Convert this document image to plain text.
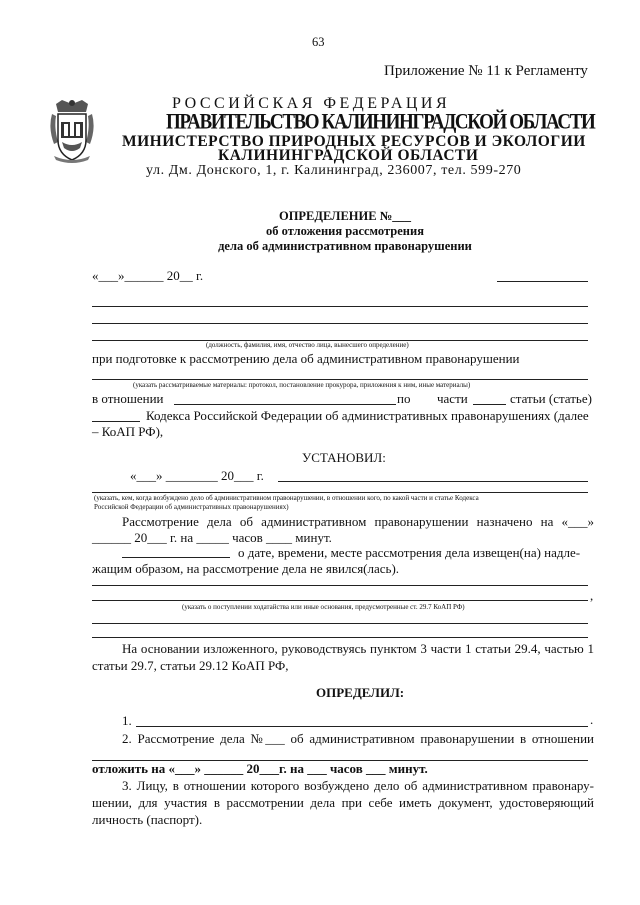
63
Приложение № 11 к Регламенту
РОССИЙСКАЯ ФЕДЕРАЦИЯ
ПРАВИТЕЛЬСТВО КАЛИНИНГРАДСКОЙ ОБЛАСТИ
МИНИСТЕРСТВО ПРИРОДНЫХ РЕСУРСОВ И ЭКОЛОГИИ
КАЛИНИНГРАДСКОЙ ОБЛАСТИ
ул. Дм. Донского, 1, г. Калининград, 236007, тел. 599-270
ОПРЕДЕЛЕНИЕ №___
об отложения рассмотрения
дела об административном правонарушении
«___»______ 20__ г.
(должность, фамилия, имя, отчество лица, вынесшего определение)
при подготовке к рассмотрению дела об административном правонарушении
(указать рассматриваемые материалы: протокол, постановление прокурора, приложения к ним, иные материалы)
в отношении	по части	статьи (статье)
Кодекса Российской Федерации об административных правонарушениях (далее
– КоАП РФ),
УСТАНОВИЛ:
«___» ________ 20___ г.
(указать, кем, когда возбуждено дело об административном правонарушении, в отношении кого, по какой части и статье Кодекса
Российской Федерации об административных правонарушениях)
Рассмотрение дела об административном правонарушении назначено на «___»
______ 20___ г. на _____ часов ____ минут.
о дате, времени, месте рассмотрения дела извещен(на) надле-
жащим образом, на рассмотрение дела не явился(лась).
,
(указать о поступлении ходатайства или иные основания, предусмотренные ст. 29.7 КоАП РФ)
На основании изложенного, руководствуясь пунктом 3 части 1 статьи 29.4, частью 1
статьи 29.7, статьи 29.12 КоАП РФ,
ОПРЕДЕЛИЛ:
1.	.
2. Рассмотрение дела №___ об административном правонарушении в отношении
отложить на «___» ______ 20___г. на ___ часов ___ минут.
3. Лицу, в отношении которого возбуждено дело об административном правонару-
шении, для участия в рассмотрении дела при себе иметь документ, удостоверяющий
личность (паспорт).
